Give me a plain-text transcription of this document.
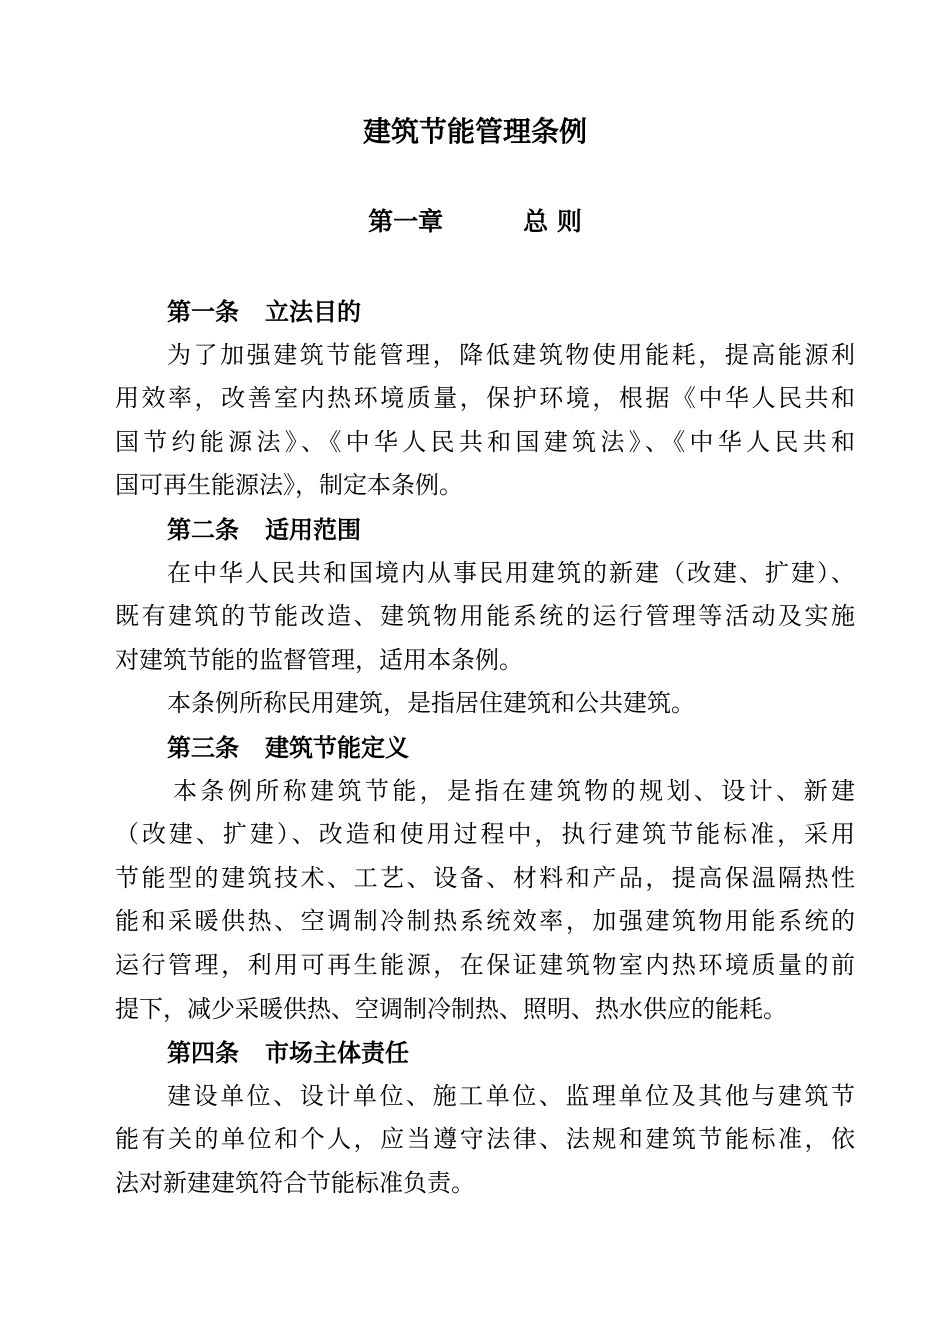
建筑节能管理条例
第一章	总 则
第一条 立法目的
为了加强建筑节能管理，降低建筑物使用能耗，提高能源利
用效率，改善室内热环境质量，保护环境，根据《中华人民共和
国节约能源法》、《中华人民共和国建筑法》、《中华人民共和
国可再生能源法》，制定本条例。
第二条 适用范围
在中华人民共和国境内从事民用建筑的新建（改建、扩建）、
既有建筑的节能改造、建筑物用能系统的运行管理等活动及实施
对建筑节能的监督管理，适用本条例。
本条例所称民用建筑，是指居住建筑和公共建筑。
第三条 建筑节能定义
本条例所称建筑节能，是指在建筑物的规划、设计、新建
（改建、扩建）、改造和使用过程中，执行建筑节能标准，采用
节能型的建筑技术、工艺、设备、材料和产品，提高保温隔热性
能和采暖供热、空调制冷制热系统效率，加强建筑物用能系统的
运行管理，利用可再生能源，在保证建筑物室内热环境质量的前
提下，减少采暖供热、空调制冷制热、照明、热水供应的能耗。
第四条 市场主体责任
建设单位、设计单位、施工单位、监理单位及其他与建筑节
能有关的单位和个人，应当遵守法律、法规和建筑节能标准，依
法对新建建筑符合节能标准负责。
